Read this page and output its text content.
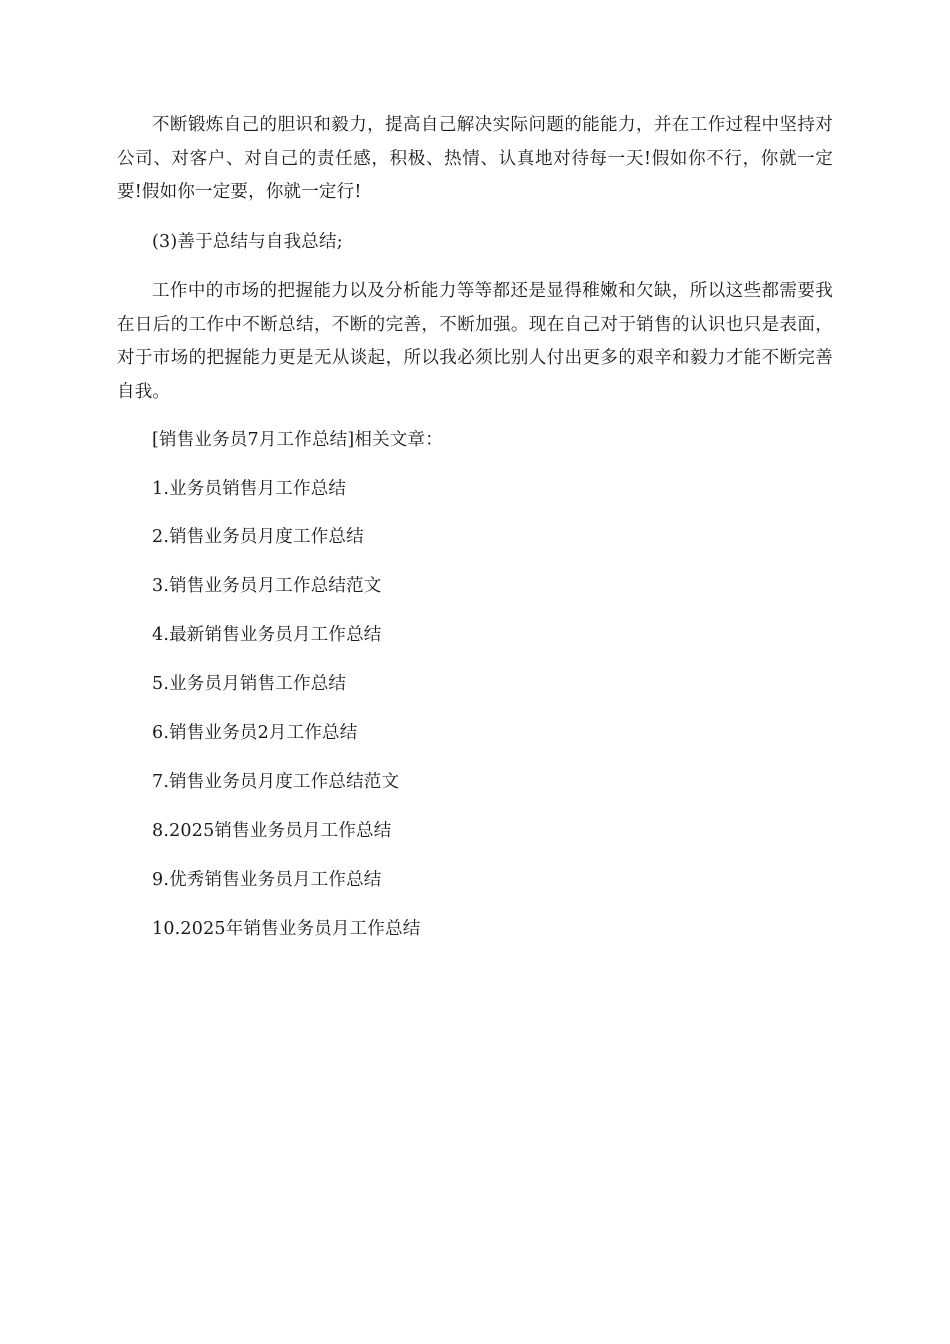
不断锻炼自己的胆识和毅力，提高自己解决实际问题的能能力，并在工作过程中坚持对公司、对客户、对自己的责任感，积极、热情、认真地对待每一天!假如你不行，你就一定要!假如你一定要，你就一定行!

(3)善于总结与自我总结;

工作中的市场的把握能力以及分析能力等等都还是显得稚嫩和欠缺，所以这些都需要我在日后的工作中不断总结，不断的完善，不断加强。现在自己对于销售的认识也只是表面，对于市场的把握能力更是无从谈起，所以我必须比别人付出更多的艰辛和毅力才能不断完善自我。

[销售业务员7月工作总结]相关文章：

1.业务员销售月工作总结
2.销售业务员月度工作总结
3.销售业务员月工作总结范文
4.最新销售业务员月工作总结
5.业务员月销售工作总结
6.销售业务员2月工作总结
7.销售业务员月度工作总结范文
8.2025销售业务员月工作总结
9.优秀销售业务员月工作总结
10.2025年销售业务员月工作总结
